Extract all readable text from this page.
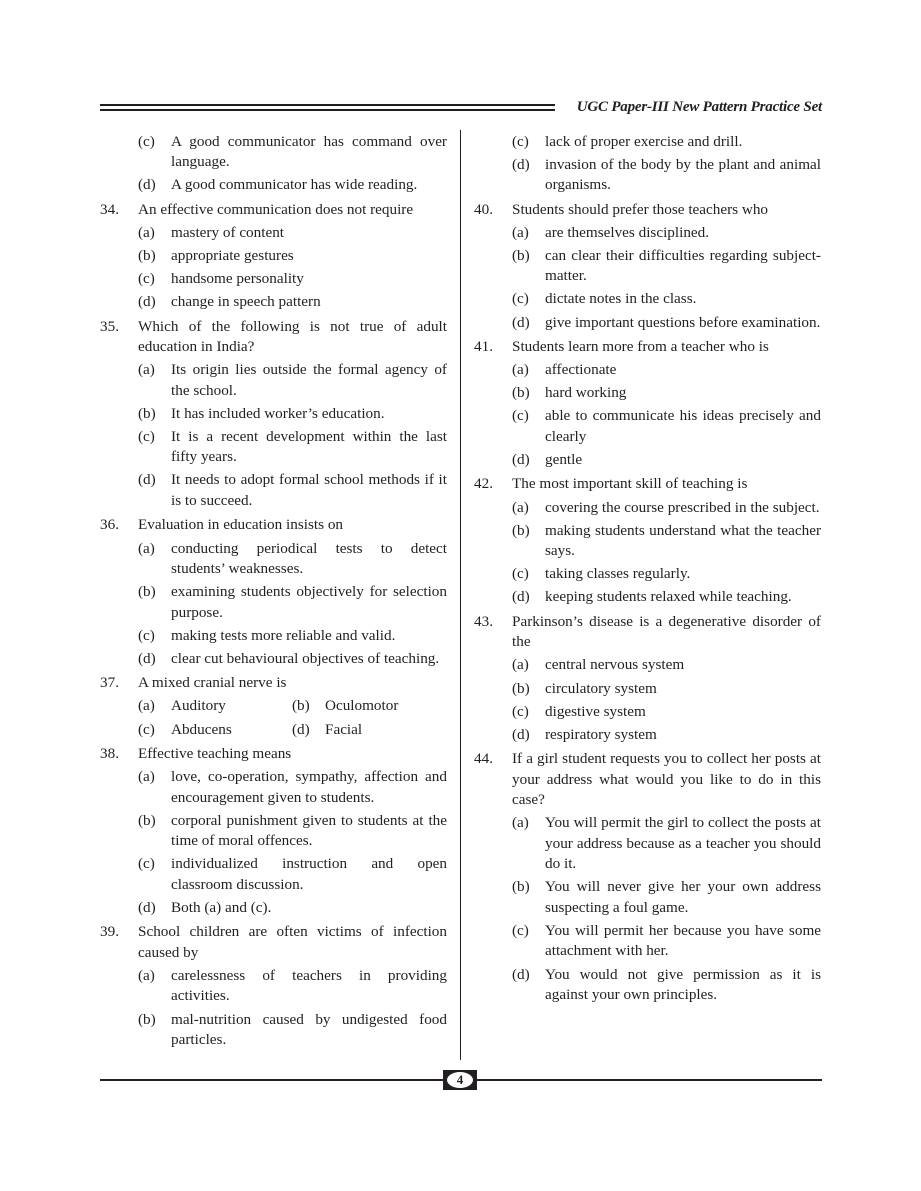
UGC Paper-III New Pattern Practice Set
(c)	A good communicator has command over language.
(d)	A good communicator has wide reading.
34.	An effective communication does not require
(a)	mastery of content
(b)	appropriate gestures
(c)	handsome personality
(d)	change in speech pattern
35.	Which of the following is not true of adult education in India?
(a)	Its origin lies outside the formal agency of the school.
(b)	It has included worker’s education.
(c)	It is a recent development within the last fifty years.
(d)	It needs to adopt formal school methods if it is to succeed.
36.	Evaluation in education insists on
(a)	conducting periodical tests to detect students’ weaknesses.
(b)	examining students objectively for selection purpose.
(c)	making tests more reliable and valid.
(d)	clear cut behavioural objectives of teaching.
37.	A mixed cranial nerve is
(a)	Auditory	(b)	Oculomotor
(c)	Abducens	(d)	Facial
38.	Effective teaching means
(a)	love, co-operation, sympathy, affection and encouragement given to students.
(b)	corporal punishment given to students at the time of moral offences.
(c)	individualized instruction and open classroom discussion.
(d)	Both (a) and (c).
39.	School children are often victims of infection caused by
(a)	carelessness of teachers in providing activities.
(b)	mal-nutrition caused by undigested food particles.
(c)	lack of proper exercise and drill.
(d)	invasion of the body by the plant and animal organisms.
40.	Students should prefer those teachers who
(a)	are themselves disciplined.
(b)	can clear their difficulties regarding subject-matter.
(c)	dictate notes in the class.
(d)	give important questions before examination.
41.	Students learn more from a teacher who is
(a)	affectionate
(b)	hard working
(c)	able to communicate his ideas precisely and clearly
(d)	gentle
42.	The most important skill of teaching is
(a)	covering the course prescribed in the subject.
(b)	making students understand what the teacher says.
(c)	taking classes regularly.
(d)	keeping students relaxed while teaching.
43.	Parkinson’s disease is a degenerative disorder of the
(a)	central nervous system
(b)	circulatory system
(c)	digestive system
(d)	respiratory system
44.	If a girl student requests you to collect her posts at your address what would you like to do in this case?
(a)	You will permit the girl to collect the posts at your address because as a teacher you should do it.
(b)	You will never give her your own address suspecting a foul game.
(c)	You will permit her because you have some attachment with her.
(d)	You would not give permission as it is against your own principles.
4
